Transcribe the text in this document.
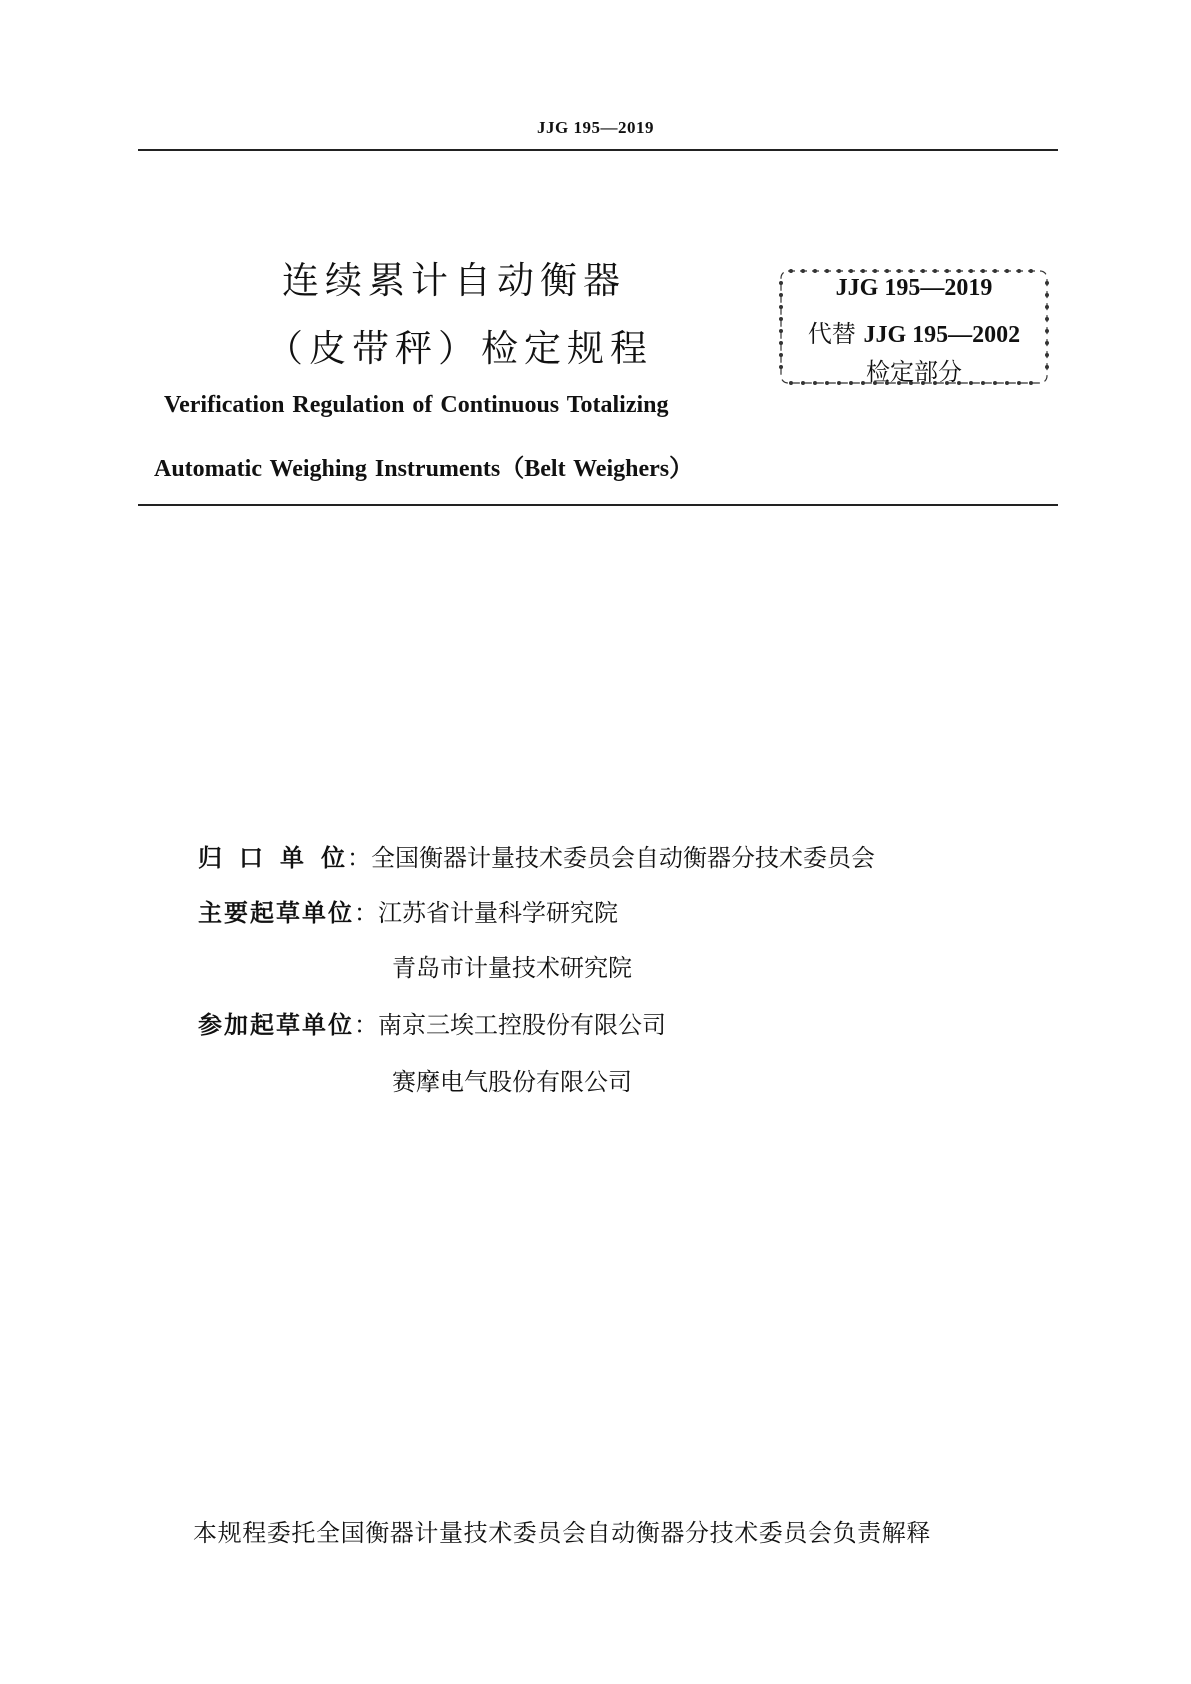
JJG 195—2019
连续累计自动衡器
（皮带秤）检定规程
Verification Regulation of Continuous Totalizing
Automatic Weighing Instruments（Belt Weighers）
JJG 195—2019
代替 JJG 195—2002
检定部分
归口单位：全国衡器计量技术委员会自动衡器分技术委员会
主要起草单位：江苏省计量科学研究院
青岛市计量技术研究院
参加起草单位：南京三埃工控股份有限公司
赛摩电气股份有限公司
本规程委托全国衡器计量技术委员会自动衡器分技术委员会负责解释
